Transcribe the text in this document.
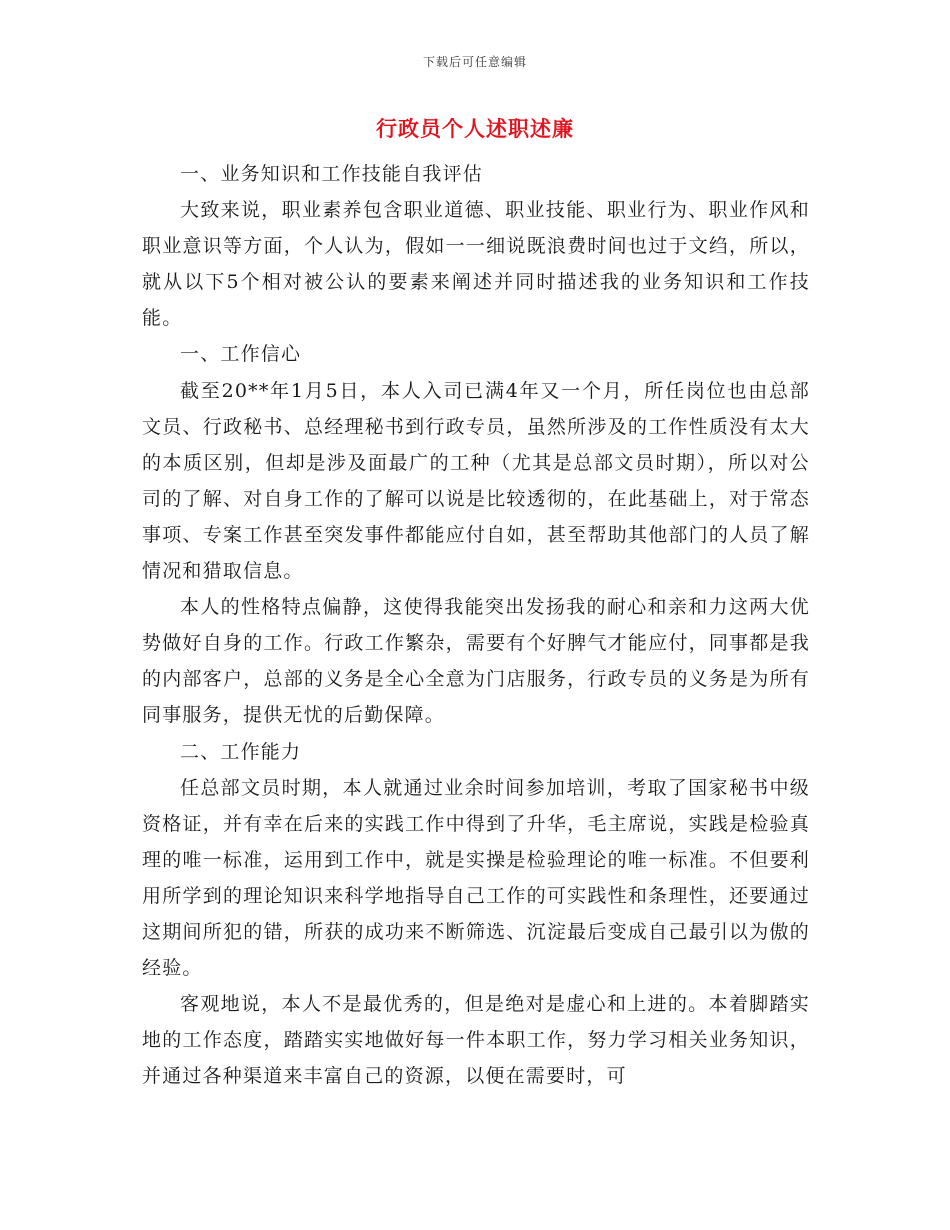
下载后可任意编辑
行政员个人述职述廉

一、业务知识和工作技能自我评估

大致来说，职业素养包含职业道德、职业技能、职业行为、职业作风和职业意识等方面，个人认为，假如一一细说既浪费时间也过于文绉，所以，就从以下5个相对被公认的要素来阐述并同时描述我的业务知识和工作技能。

一、工作信心

截至20**年1月5日，本人入司已满4年又一个月，所任岗位也由总部文员、行政秘书、总经理秘书到行政专员，虽然所涉及的工作性质没有太大的本质区别，但却是涉及面最广的工种（尤其是总部文员时期），所以对公司的了解、对自身工作的了解可以说是比较透彻的，在此基础上，对于常态事项、专案工作甚至突发事件都能应付自如，甚至帮助其他部门的人员了解情况和猎取信息。

本人的性格特点偏静，这使得我能突出发扬我的耐心和亲和力这两大优势做好自身的工作。行政工作繁杂，需要有个好脾气才能应付，同事都是我的内部客户，总部的义务是全心全意为门店服务，行政专员的义务是为所有同事服务，提供无忧的后勤保障。

二、工作能力

任总部文员时期，本人就通过业余时间参加培训，考取了国家秘书中级资格证，并有幸在后来的实践工作中得到了升华，毛主席说，实践是检验真理的唯一标准，运用到工作中，就是实操是检验理论的唯一标准。不但要利用所学到的理论知识来科学地指导自己工作的可实践性和条理性，还要通过这期间所犯的错，所获的成功来不断筛选、沉淀最后变成自己最引以为傲的经验。

客观地说，本人不是最优秀的，但是绝对是虚心和上进的。本着脚踏实地的工作态度，踏踏实实地做好每一件本职工作，努力学习相关业务知识，并通过各种渠道来丰富自己的资源，以便在需要时，可
